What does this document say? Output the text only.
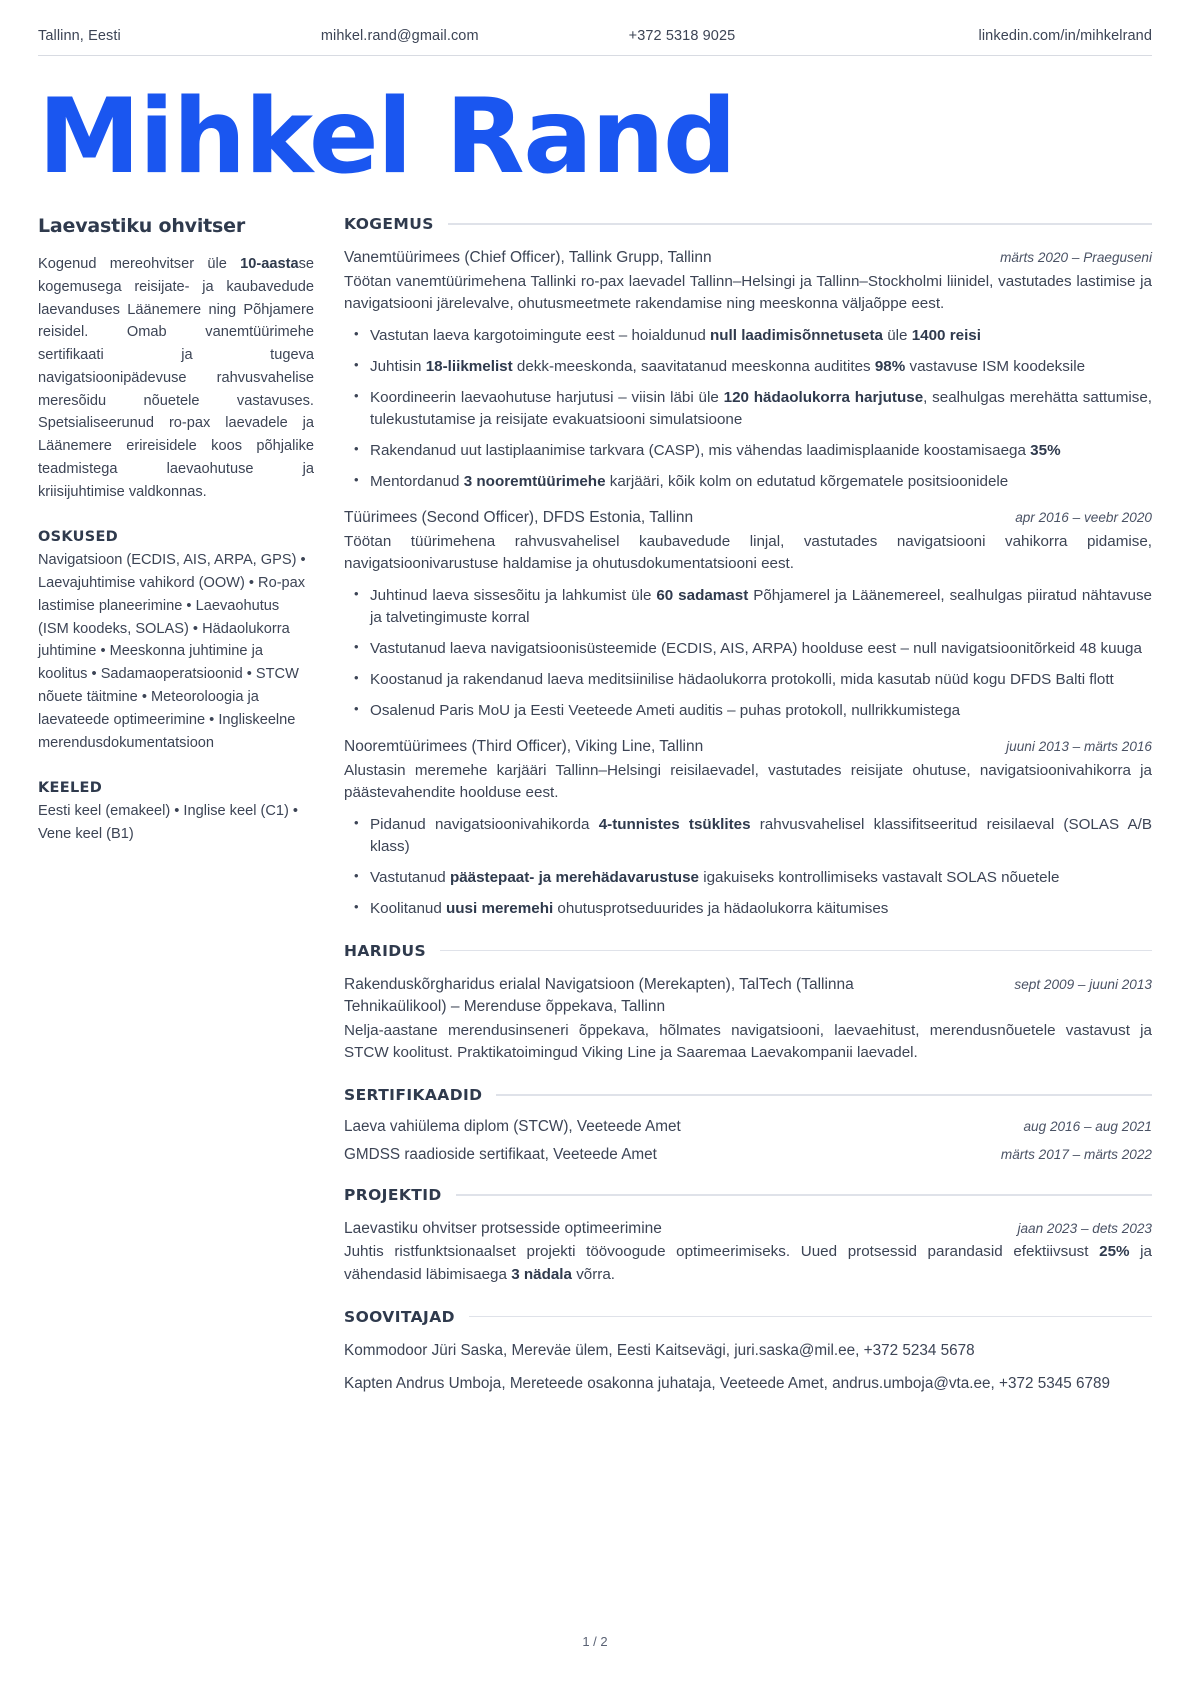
Tallinn, Eesti	mihkel.rand@gmail.com	+372 5318 9025	linkedin.com/in/mihkelrand
Mihkel Rand
Laevastiku ohvitser

Kogenud mereohvitser üle 10-aastase kogemusega reisijate- ja kaubavedude laevanduses Läänemere ning Põhjamere reisidel. Omab vanemtüürimehe sertifikaati ja tugeva navigatsioonipädevuse rahvusvahelise meresõidu nõuetele vastavuses. Spetsialiseerunud ro-pax laevadele ja Läänemere erireisidele koos põhjalike teadmistega laevaohutuse ja kriisijuhtimise valdkonnas.

OSKUSED

Navigatsioon (ECDIS, AIS, ARPA, GPS) • Laevajuhtimise vahikord (OOW) • Ro-pax lastimise planeerimine • Laevaohutus (ISM koodeks, SOLAS) • Hädaolukorra juhtimine • Meeskonna juhtimine ja koolitus • Sadamaoperatsioonid • STCW nõuete täitmine • Meteoroloogia ja laevateede optimeerimine • Ingliskeelne merendusdokumentatsioon

KEELED

Eesti keel (emakeel) • Inglise keel (C1) • Vene keel (B1)

KOGEMUS
Vanemtüürimees (Chief Officer), Tallink Grupp, Tallinn	märts 2020 – Praeguseni

Töötan vanemtüürimehena Tallinki ro-pax laevadel Tallinn–Helsingi ja Tallinn–Stockholmi liinidel, vastutades lastimise ja navigatsiooni järelevalve, ohutusmeetmete rakendamise ning meeskonna väljaõppe eest.

• Vastutan laeva kargotoimingute eest – hoialdunud null laadimisõnnetuseta üle 1400 reisi
• Juhtisin 18-liikmelist dekk-meeskonda, saavitatanud meeskonna auditites 98% vastavuse ISM koodeksile
• Koordineerin laevaohutuse harjutusi – viisin läbi üle 120 hädaolukorra harjutuse, sealhulgas merehätta sattumise, tulekustutamise ja reisijate evakuatsiooni simulatsioone
• Rakendanud uut lastiplaanimise tarkvara (CASP), mis vähendas laadimisplaanide koostamisaega 35%
• Mentordanud 3 nooremtüürimehe karjääri, kõik kolm on edutatud kõrgematele positsioonidele
Tüürimees (Second Officer), DFDS Estonia, Tallinn	apr 2016 – veebr 2020

Töötan tüürimehena rahvusvahelisel kaubavedude linjal, vastutades navigatsiooni vahikorra pidamise, navigatsioonivarustuse haldamise ja ohutusdokumentatsiooni eest.

• Juhtinud laeva sissesõitu ja lahkumist üle 60 sadamast Põhjamerel ja Läänemereel, sealhulgas piiratud nähtavuse ja talvetingimuste korral
• Vastutanud laeva navigatsioonisüsteemide (ECDIS, AIS, ARPA) hoolduse eest – null navigatsioonitõrkeid 48 kuuga
• Koostanud ja rakendanud laeva meditsiinilise hädaolukorra protokolli, mida kasutab nüüd kogu DFDS Balti flott
• Osalenud Paris MoU ja Eesti Veeteede Ameti auditis – puhas protokoll, nullrikkumistega
Nooremtüürimees (Third Officer), Viking Line, Tallinn	juuni 2013 – märts 2016

Alustasin meremehe karjääri Tallinn–Helsingi reisilaevadel, vastutades reisijate ohutuse, navigatsioonivahikorra ja päästevahendite hoolduse eest.

• Pidanud navigatsioonivahikorda 4-tunnistes tsüklites rahvusvahelisel klassifitseeritud reisilaeval (SOLAS A/B klass)
• Vastutanud päästepaat- ja merehädavarustuse igakuiseks kontrollimiseks vastavalt SOLAS nõuetele
• Koolitanud uusi meremehi ohutusprotseduurides ja hädaolukorra käitumises
HARIDUS
Rakenduskõrgharidus erialal Navigatsioon (Merekapten), TalTech (Tallinna Tehnikaülikool) – Merenduse õppekava, Tallinn
sept 2009 – juuni 2013

Nelja-aastane merendusinseneri õppekava, hõlmates navigatsiooni, laevaehitust, merendusnõuetele vastavust ja STCW koolitust. Praktikatoimingud Viking Line ja Saaremaa Laevakompanii laevadel.

SERTIFIKAADID
Laeva vahiülema diplom (STCW), Veeteede Amet	aug 2016 – aug 2021
GMDSS raadioside sertifikaat, Veeteede Amet	märts 2017 – märts 2022
PROJEKTID
Laevastiku ohvitser protsesside optimeerimine	jaan 2023 – dets 2023

Juhtis ristfunktsionaalset projekti töövoogude optimeerimiseks. Uued protsessid parandasid efektiivsust 25% ja vähendasid läbimisaega 3 nädala võrra.

SOOVITAJAD
Kommodoor Jüri Saska, Mereväe ülem, Eesti Kaitsevägi, juri.saska@mil.ee, +372 5234 5678
Kapten Andrus Umboja, Mereteede osakonna juhataja, Veeteede Amet, andrus.umboja@vta.ee, +372 5345 6789
1 / 2
